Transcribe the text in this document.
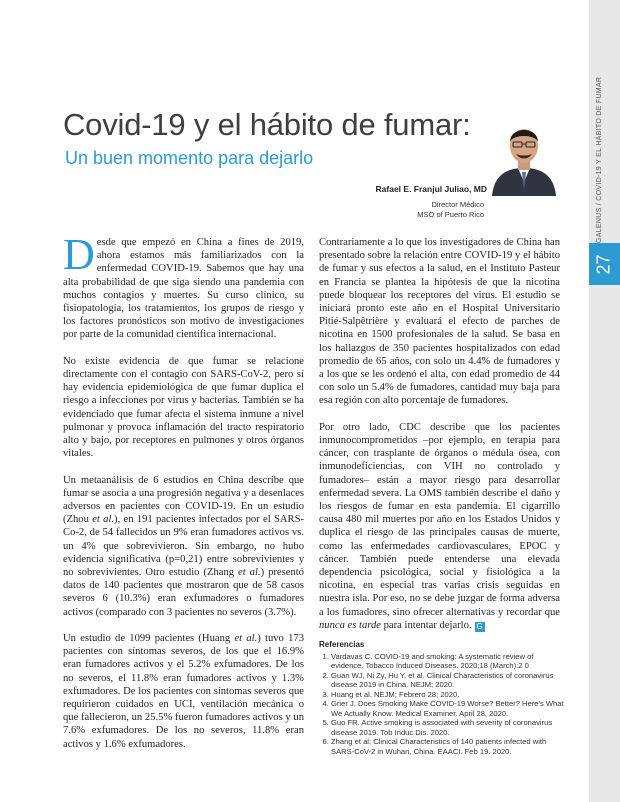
GALENUS / COVID-19 Y EL HÁBITO DE FUMAR
27
Covid-19 y el hábito de fumar:
Un buen momento para dejarlo
Rafael E. Franjul Juliao, MD
Director Médico
MSO of Puerto Rico

Desde que empezó en China a fines de 2019, ahora estamos más familiarizados con la enfermedad COVID-19. Sabemos que hay una alta probabilidad de que siga siendo una pandemia con muchos contagios y muertes. Su curso clínico, su fisiopatología, los tratamientos, los grupos de riesgo y los factores pronósticos son motivo de investigaciones por parte de la comunidad científica internacional.

No existe evidencia de que fumar se relacione directamente con el contagio con SARS-CoV-2, pero sí hay evidencia epidemiológica de que fumar duplica el riesgo a infecciones por virus y bacterias. También se ha evidenciado que fumar afecta el sistema inmune a nivel pulmonar y provoca inflamación del tracto respiratorio alto y bajo, por receptores en pulmones y otros órganos vitales.

Un metaanálisis de 6 estudios en China describe que fumar se asocia a una progresión negativa y a desenlaces adversos en pacientes con COVID-19. En un estudio (Zhou et al.), en 191 pacientes infectados por el SARS-Co-2, de 54 fallecidos un 9% eran fumadores activos vs. un 4% que sobrevivieron. Sin embargo, no hubo evidencia significativa (p=0,21) entre sobrevivientes y no sobrevivientes. Otro estudio (Zhang et al.) presentó datos de 140 pacientes que mostraron que de 58 casos severos 6 (10.3%) eran exfumadores o fumadores activos (comparado con 3 pacientes no severos (3.7%).

Un estudio de 1099 pacientes (Huang et al.) tuvo 173 pacientes con síntomas severos, de los que el 16.9% eran fumadores activos y el 5.2% exfumadores. De los no severos, el 11.8% eran fumadores activos y 1.3% exfumadores. De los pacientes con síntomas severos que requirieron cuidados en UCI, ventilación mecánica o que fallecieron, un 25.5% fueron fumadores activos y un 7.6% exfumadores. De los no severos, 11.8% eran activos y 1.6% exfumadores.

Contrariamente a lo que los investigadores de China han presentado sobre la relación entre COVID-19 y el hábito de fumar y sus efectos a la salud, en el Instituto Pasteur en Francia se plantea la hipótesis de que la nicotina puede bloquear los receptores del virus. El estudio se iniciará pronto este año en el Hospital Universitario Pitié-Salpêtrière y evaluará el efecto de parches de nicotina en 1500 profesionales de la salud. Se basa en los hallazgos de 350 pacientes hospitalizados con edad promedio de 65 años, con solo un 4.4% de fumadores y a los que se les ordenó el alta, con edad promedio de 44 con solo un 5.4% de fumadores, cantidad muy baja para esa región con alto porcentaje de fumadores.

Por otro lado, CDC describe que los pacientes inmunocomprometidos –por ejemplo, en terapia para cáncer, con trasplante de órganos o médula ósea, con inmunodeficiencias, con VIH no controlado y fumadores– están a mayor riesgo para desarrollar enfermedad severa. La OMS también describe el daño y los riesgos de fumar en esta pandemia. El cigarrillo causa 480 mil muertes por año en los Estados Unidos y duplica el riesgo de las principales causas de muerte, como las enfermedades cardiovasculares, EPOC y cáncer. También puede entenderse una elevada dependencia psicológica, social y fisiológica a la nicotina, en especial tras varias crisis seguidas en nuestra isla. Por eso, no se debe juzgar de forma adversa a los fumadores, sino ofrecer alternativas y recordar que nunca es tarde para intentar dejarlo. G

Referencias
1. Vardavas C. COVID-19 and smoking: A systematic review of evidence. Tobacco Induced Diseases. 2020;18 (March):2 0
2. Guan WJ, Ni Zy, Hu Y, et al. Clinical Characteristics of coronavirus disease 2019 in China. NEJM; 2020.
3. Huang et al. NEJM; Febrero 28; 2020.
4. Grier J. Does Smoking Make COVID-19 Worse? Better? Here's What We Actually Know. Medical Examiner. April 28, 2020.
5. Guo FR. Active smoking is associated with severity of coronavirus disease 2019. Tob Induc Dis. 2020.
6. Zhang et al: Clinical Characteristics of 140 patients infected with SARS-CoV-2 in Wuhan, China. EAACI. Feb 19. 2020.
